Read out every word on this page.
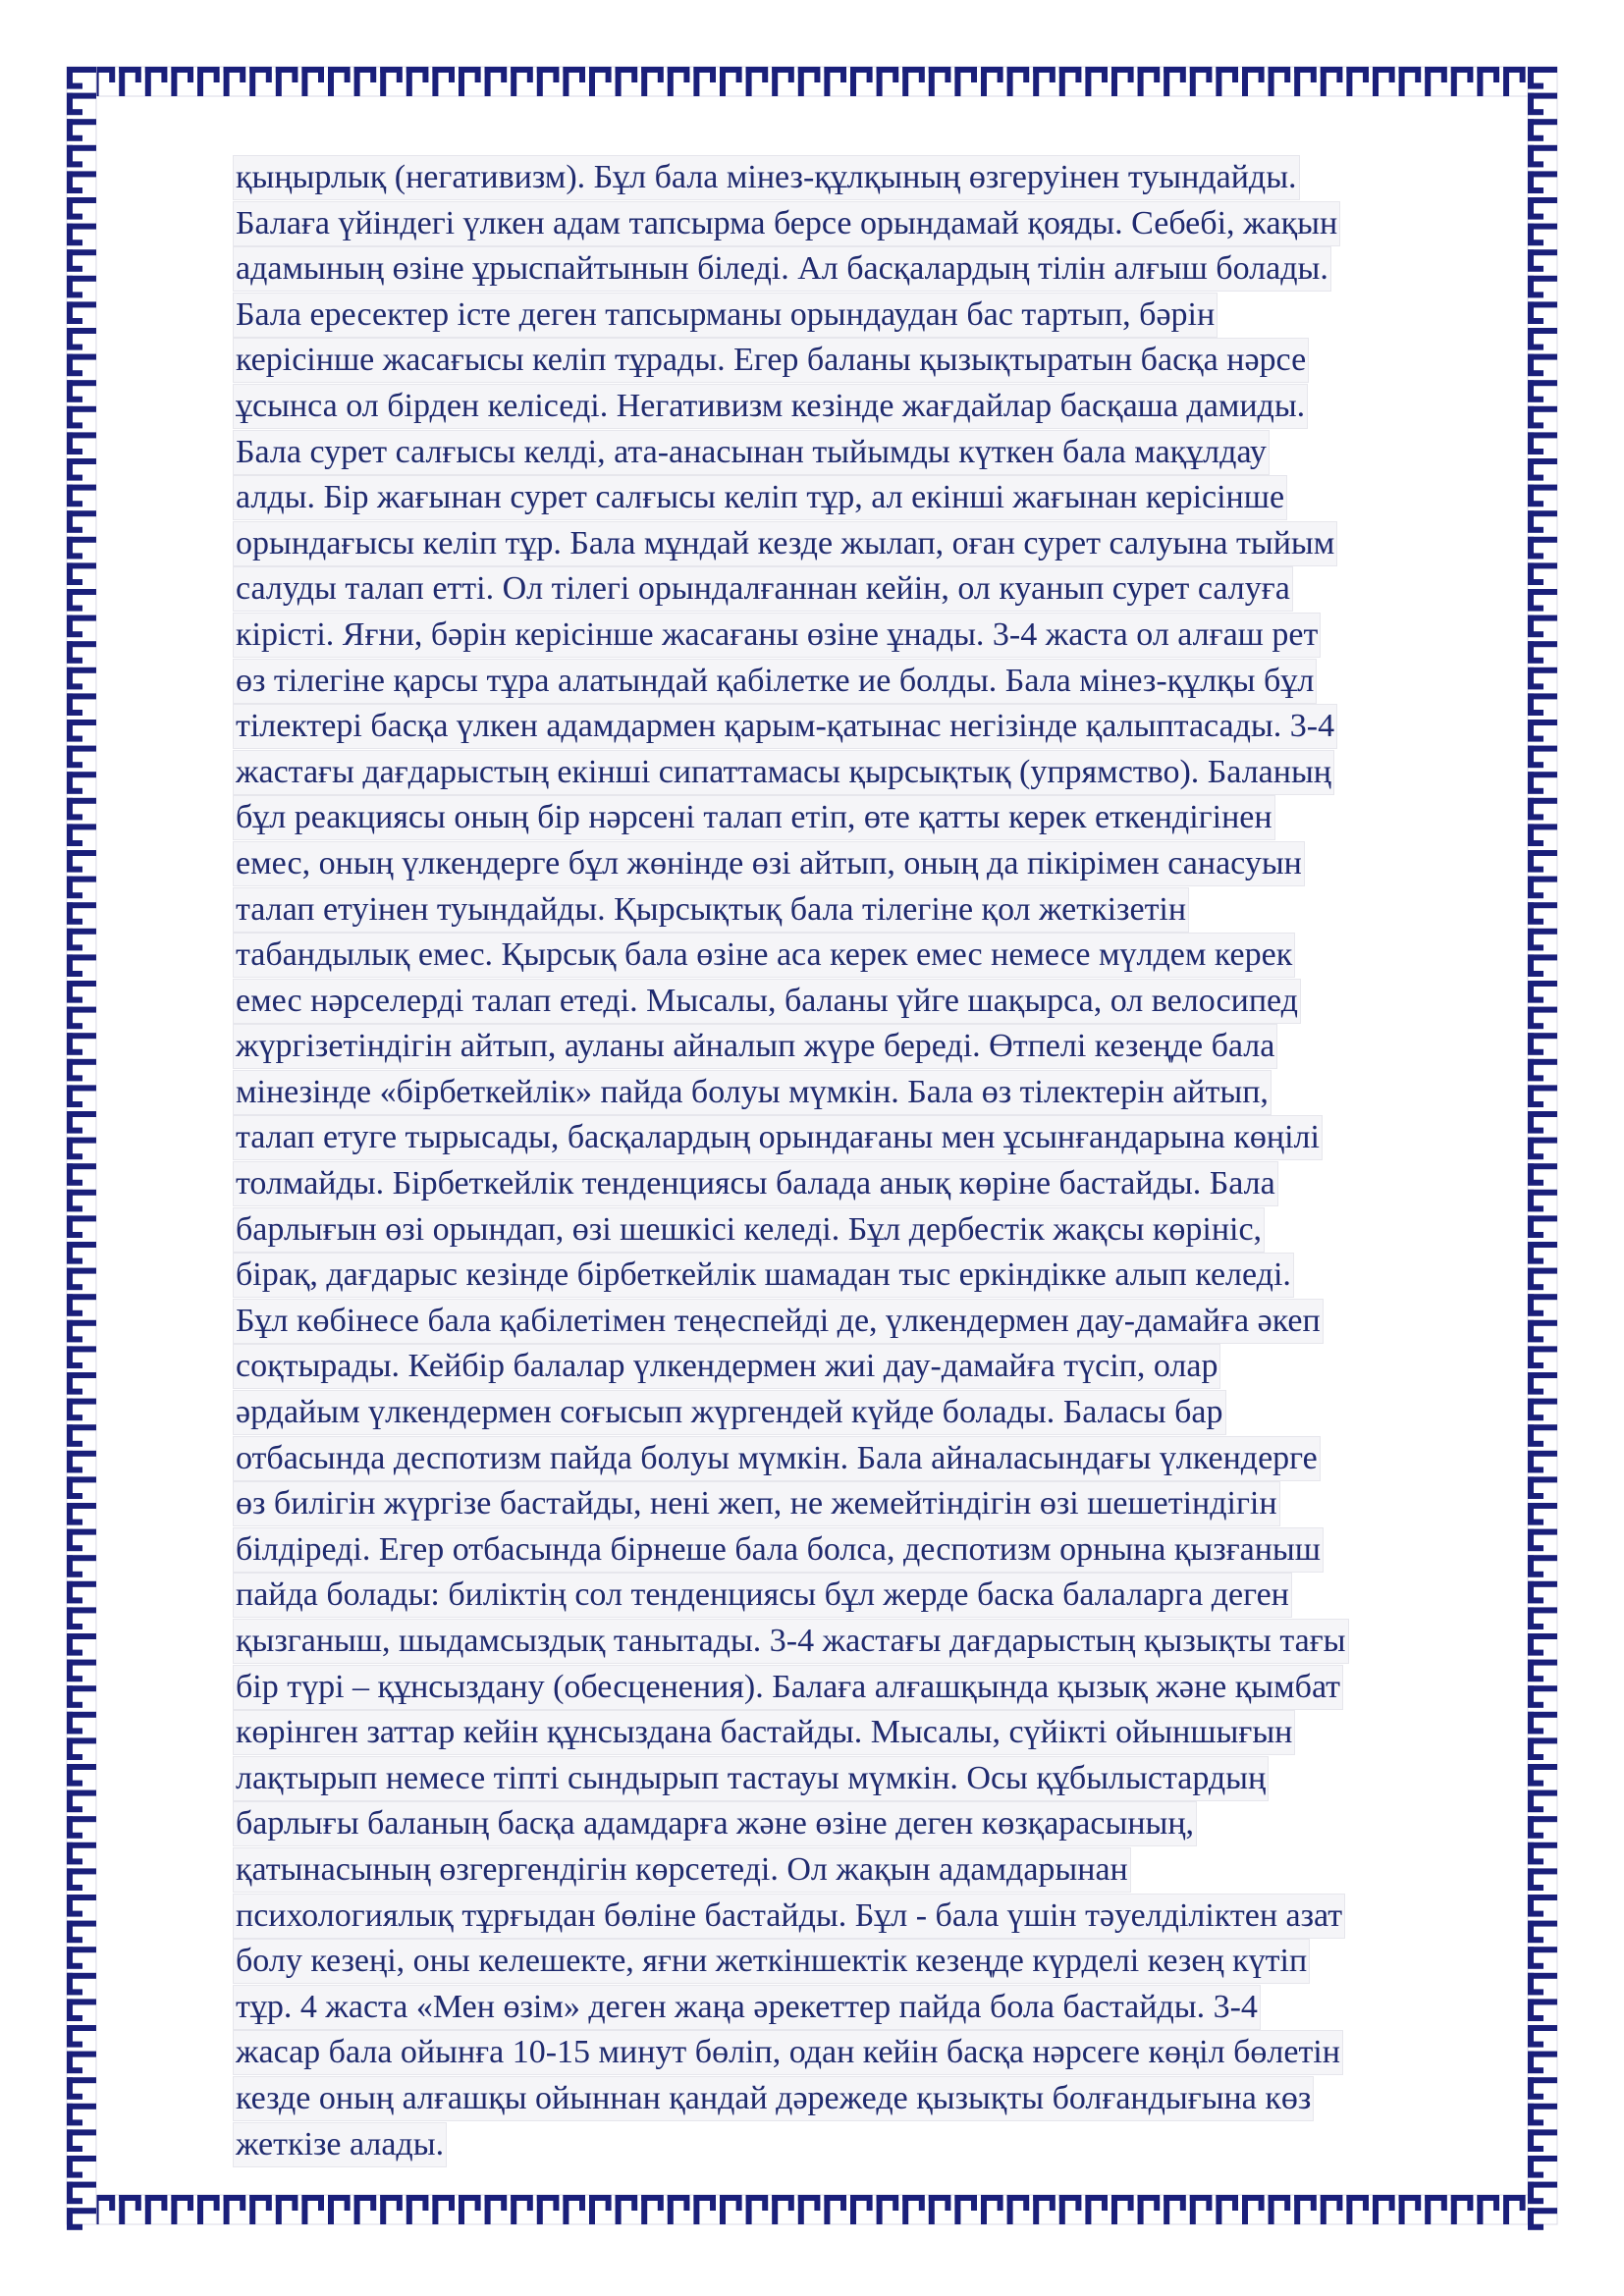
қыңырлық (негативизм). Бұл бала мінез-құлқының өзгеруінен туындайды.
Балаға үйіндегі үлкен адам тапсырма берсе орындамай қояды. Себебі, жақын
адамының өзіне ұрыспайтынын біледі. Ал басқалардың тілін алғыш болады.
Бала ересектер істе деген тапсырманы орындаудан бас тартып, бәрін
керісінше жасағысы келіп тұрады. Егер баланы қызықтыратын басқа нәрсе
ұсынса ол бірден келіседі. Негативизм кезінде жағдайлар басқаша дамиды.
Бала сурет салғысы келді, ата-анасынан тыйымды күткен бала мақұлдау
алды. Бір жағынан сурет салғысы келіп тұр, ал екінші жағынан керісінше
орындағысы келіп тұр. Бала мұндай кезде жылап, оған сурет салуына тыйым
салуды талап етті. Ол тілегі орындалғаннан кейін, ол куанып сурет салуға
кірісті. Яғни, бәрін керісінше жасағаны өзіне ұнады. 3-4 жаста ол алғаш рет
өз тілегіне қарсы тұра алатындай қабілетке ие болды. Бала мінез-құлқы бұл
тілектері басқа үлкен адамдармен қарым-қатынас негізінде қалыптасады. 3-4
жастағы дағдарыстың екінші сипаттамасы қырсықтық (упрямство). Баланың
бұл реакциясы оның бір нәрсені талап етіп, өте қатты керек еткендігінен
емес, оның үлкендерге бұл жөнінде өзі айтып, оның да пікірімен санасуын
талап етуінен туындайды. Қырсықтық бала тілегіне қол жеткізетін
табандылық емес. Қырсық бала өзіне аса керек емес немесе мүлдем керек
емес нәрселерді талап етеді. Мысалы, баланы үйге шақырса, ол велосипед
жүргізетіндігін айтып, ауланы айналып жүре береді. Өтпелі кезеңде бала
мінезінде «бірбеткейлік» пайда болуы мүмкін. Бала өз тілектерін айтып,
талап етуге тырысады, басқалардың орындағаны мен ұсынғандарына көңілі
толмайды. Бірбеткейлік тенденциясы балада анық көріне бастайды. Бала
барлығын өзі орындап, өзі шешкісі келеді. Бұл дербестік жақсы көрініс,
бірақ, дағдарыс кезінде бірбеткейлік шамадан тыс еркіндікке алып келеді.
Бұл көбінесе бала қабілетімен теңеспейді де, үлкендермен дау-дамайға әкеп
соқтырады. Кейбір балалар үлкендермен жиі дау-дамайға түсіп, олар
әрдайым үлкендермен соғысып жүргендей күйде болады. Баласы бар
отбасында деспотизм пайда болуы мүмкін. Бала айналасындағы үлкендерге
өз билігін жүргізе бастайды, нені жеп, не жемейтіндігін өзі шешетіндігін
білдіреді. Егер отбасында бірнеше бала болса, деспотизм орнына қызғаныш
пайда болады: биліктің сол тенденциясы бұл жерде баска балаларга деген
қызганыш, шыдамсыздық танытады. 3-4 жастағы дағдарыстың қызықты тағы
бір түрі – құнсыздану (обесценения). Балаға алғашқында қызық және қымбат
көрінген заттар кейін құнсыздана бастайды. Мысалы, сүйікті ойыншығын
лақтырып немесе тіпті сындырып тастауы мүмкін. Осы құбылыстардың
барлығы баланың басқа адамдарға және өзіне деген көзқарасының,
қатынасының өзгергендігін көрсетеді. Ол жақын адамдарынан
психологиялық тұрғыдан бөліне бастайды. Бұл - бала үшін тәуелділіктен азат
болу кезеңі, оны келешекте, яғни жеткіншектік кезеңде күрделі кезең күтіп
тұр. 4 жаста «Мен өзім» деген жаңа әрекеттер пайда бола бастайды. 3-4
жасар бала ойынға 10-15 минут бөліп, одан кейін басқа нәрсеге көңіл бөлетін
кезде оның алғашқы ойыннан қандай дәрежеде қызықты болғандығына көз
жеткізе алады.
